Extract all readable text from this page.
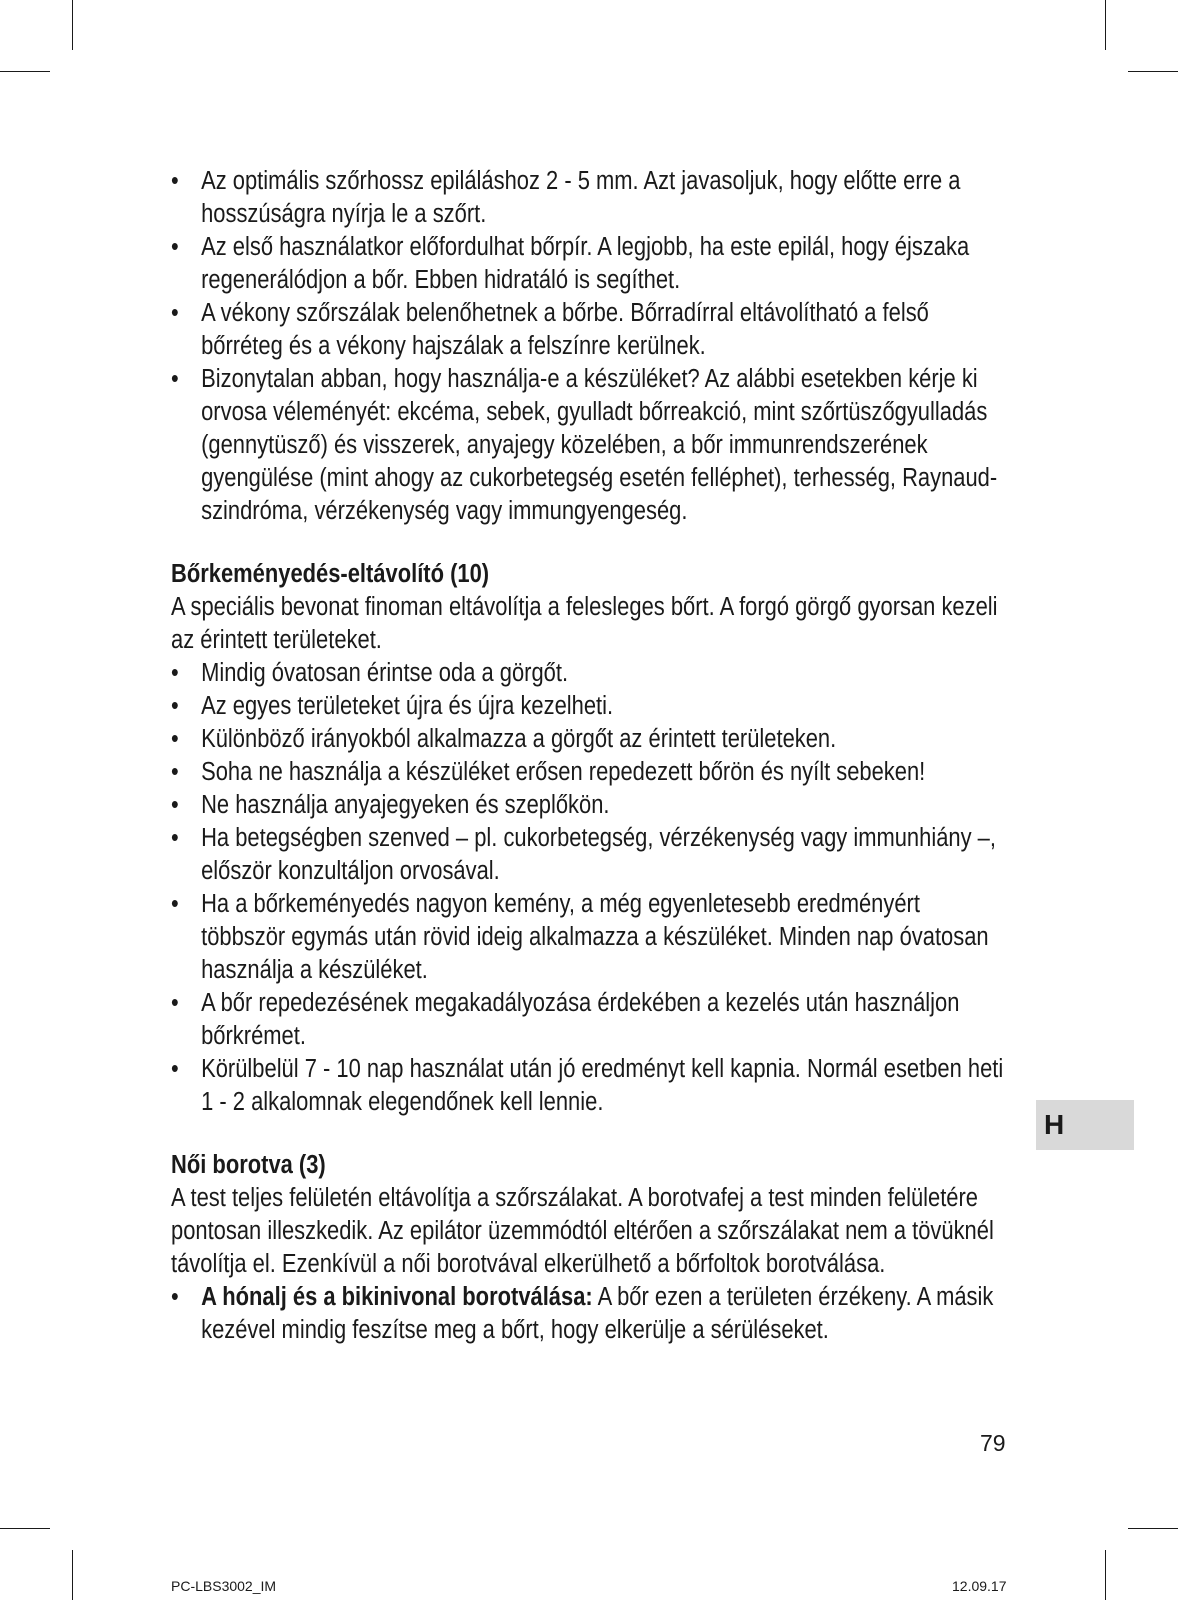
• Az optimális szőrhossz epiláláshoz 2 - 5 mm. Azt javasoljuk, hogy előtte erre a hosszúságra nyírja le a szőrt.
• Az első használatkor előfordulhat bőrpír. A legjobb, ha este epilál, hogy éjszaka regenerálódjon a bőr. Ebben hidratáló is segíthet.
• A vékony szőrszálak belenőhetnek a bőrbe. Bőrradírral eltávolítható a felső bőrréteg és a vékony hajszálak a felszínre kerülnek.
• Bizonytalan abban, hogy használja-e a készüléket? Az alábbi esetekben kérje ki orvosa véleményét: ekcéma, sebek, gyulladt bőrreakció, mint szőrtüszőgyulladás (gennytüsző) és visszerek, anyajegy közelében, a bőr immunrendszerének gyengülése (mint ahogy az cukorbetegség esetén felléphet), terhesség, Raynaud-szindróma, vérzékenység vagy immungyengeség.
Bőrkeményedés-eltávolító (10)

A speciális bevonat finoman eltávolítja a felesleges bőrt. A forgó görgő gyorsan kezeli az érintett területeket.

• Mindig óvatosan érintse oda a görgőt.
• Az egyes területeket újra és újra kezelheti.
• Különböző irányokból alkalmazza a görgőt az érintett területeken.
• Soha ne használja a készüléket erősen repedezett bőrön és nyílt sebeken!
• Ne használja anyajegyeken és szeplőkön.
• Ha betegségben szenved – pl. cukorbetegség, vérzékenység vagy immunhiány –, először konzultáljon orvosával.
• Ha a bőrkeményedés nagyon kemény, a még egyenletesebb eredményért többször egymás után rövid ideig alkalmazza a készüléket. Minden nap óvatosan használja a készüléket.
• A bőr repedezésének megakadályozása érdekében a kezelés után használjon bőrkrémet.
• Körülbelül 7 - 10 nap használat után jó eredményt kell kapnia. Normál esetben heti 1 - 2 alkalomnak elegendőnek kell lennie.
Női borotva (3)

A test teljes felületén eltávolítja a szőrszálakat. A borotvafej a test minden felületére pontosan illeszkedik. Az epilátor üzemmódtól eltérően a szőrszálakat nem a tövüknél távolítja el. Ezenkívül a női borotvával elkerülhető a bőrfoltok borotválása.

• A hónalj és a bikinivonal borotválása: A bőr ezen a területen érzékeny. A másik kezével mindig feszítse meg a bőrt, hogy elkerülje a sérüléseket.
H
79
PC-LBS3002_IM	12.09.17
